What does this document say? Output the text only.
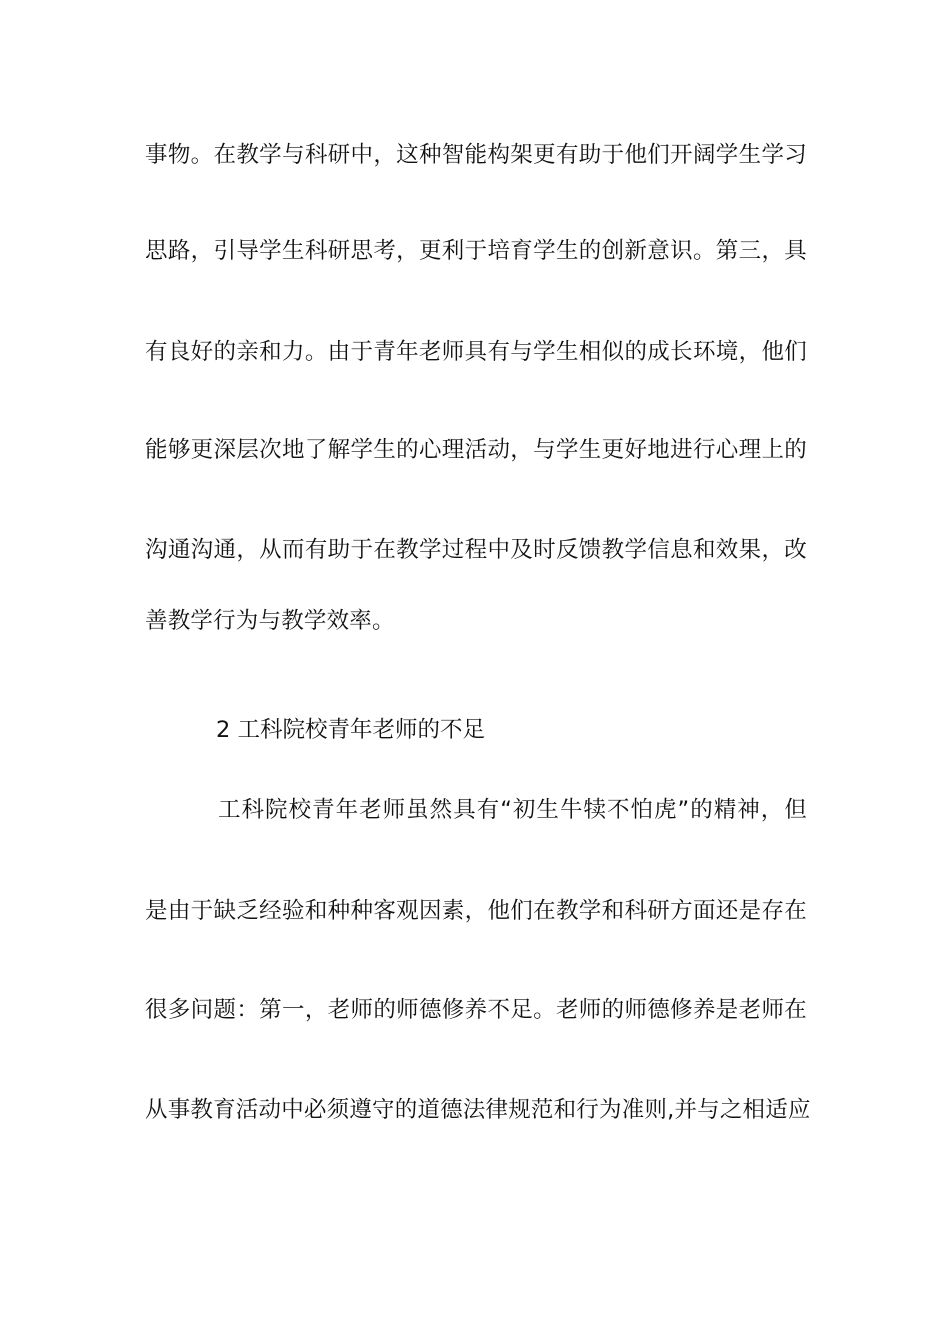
事物。在教学与科研中，这种智能构架更有助于他们开阔学生学习
思路，引导学生科研思考，更利于培育学生的创新意识。第三，具
有良好的亲和力。由于青年老师具有与学生相似的成长环境，他们
能够更深层次地了解学生的心理活动，与学生更好地进行心理上的
沟通沟通，从而有助于在教学过程中及时反馈教学信息和效果，改
善教学行为与教学效率。
2 工科院校青年老师的不足
工科院校青年老师虽然具有“初生牛犊不怕虎”的精神，但
是由于缺乏经验和种种客观因素，他们在教学和科研方面还是存在
很多问题：第一，老师的师德修养不足。老师的师德修养是老师在
从事教育活动中必须遵守的道德法律规范和行为准则,并与之相适应
